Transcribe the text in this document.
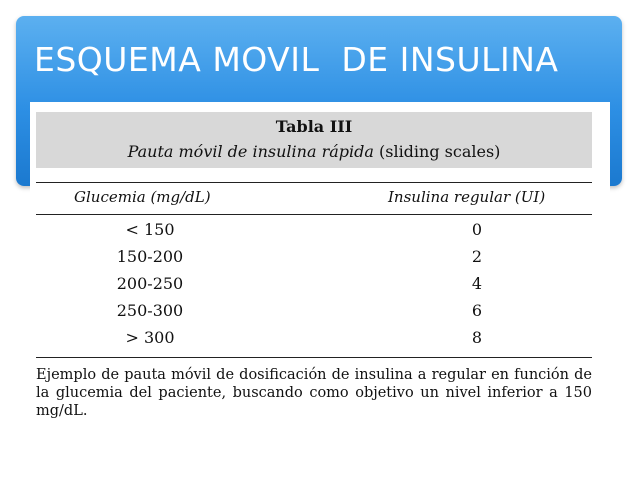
ESQUEMA MOVIL  DE INSULINA
Tabla III
Pauta móvil de insulina rápida (sliding scales)
Glucemia (mg/dL)	Insulina regular (UI)
< 150	0
150-200	2
200-250	4
250-300	6
> 300	8
Ejemplo de pauta móvil de dosificación de insulina a regular en función de la glucemia del paciente, buscando como objetivo un nivel inferior a 150 mg/dL.
